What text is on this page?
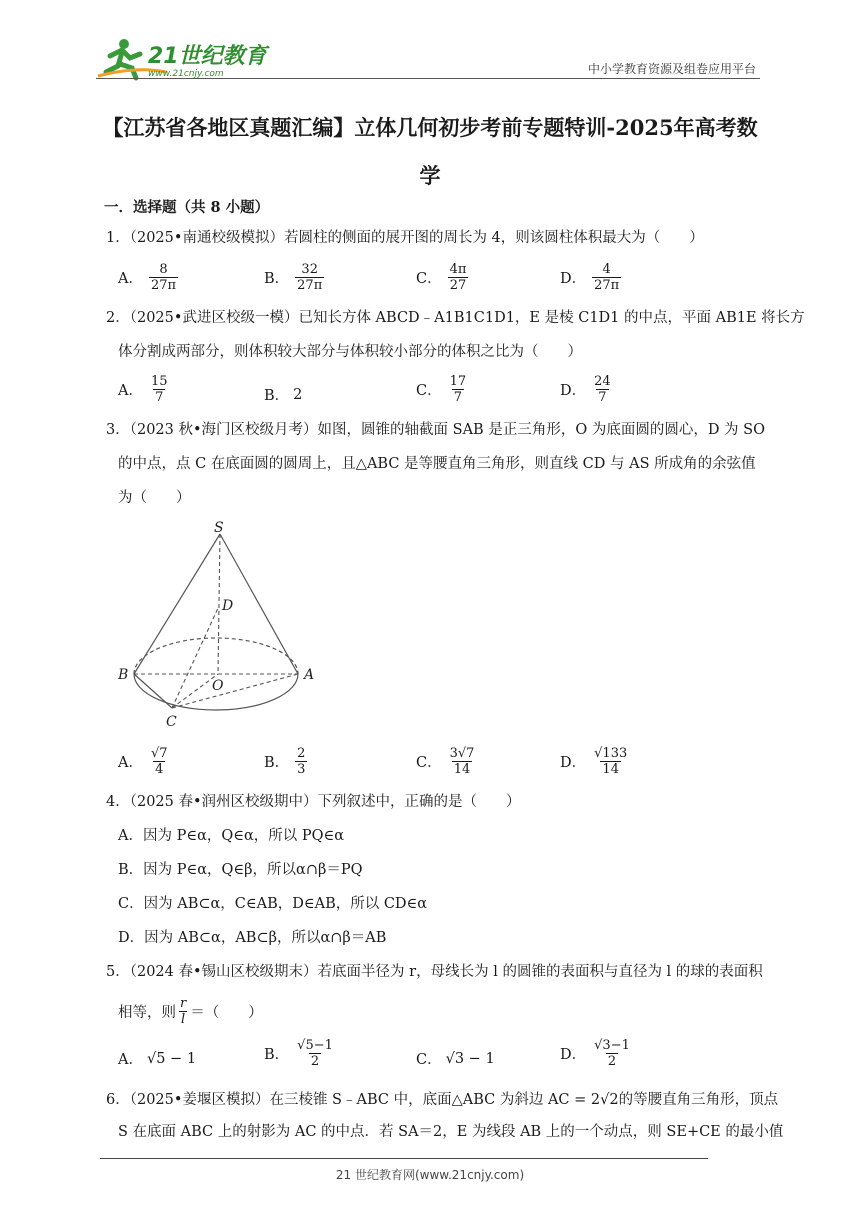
21世纪教育
www.21cnjy.com	中小学教育资源及组卷应用平台
【江苏省各地区真题汇编】立体几何初步考前专题特训-2025年高考数学
一．选择题（共 8 小题）
1．（2025•南通校级模拟）若圆柱的侧面的展开图的周长为 4，则该圆柱体积最大为（　　）
A． $\frac{8}{27\pi}$	B． $\frac{32}{27\pi}$	C． $\frac{4\pi}{27}$	D． $\frac{4}{27\pi}$
2．（2025•武进区校级一模）已知长方体 ABCD﹣A1B1C1D1，E 是棱 C1D1 的中点，平面 AB1E 将长方
体分割成两部分，则体积较大部分与体积较小部分的体积之比为（　　）
A． $\frac{15}{7}$	B． 2	C． $\frac{17}{7}$	D． $\frac{24}{7}$
3．（2023 秋•海门区校级月考）如图，圆锥的轴截面 SAB 是正三角形，O 为底面圆的圆心，D 为 SO
的中点，点 C 在底面圆的圆周上，且△ABC 是等腰直角三角形，则直线 CD 与 AS 所成角的余弦值
为（　　）
S
D
B
O
A
C
A． $\frac{√7}{4}$	B． $\frac{2}{3}$	C． $\frac{3√7}{14}$	D． $\frac{√133}{14}$
4．（2025 春•润州区校级期中）下列叙述中，正确的是（　　）
A．因为 P∈α，Q∈α，所以 PQ∈α
B．因为 P∈α，Q∈β，所以α∩β＝PQ
C．因为 AB⊂α，C∈AB，D∈AB，所以 CD∈α
D．因为 AB⊂α，AB⊂β，所以α∩β＝AB
5．（2024 春•锡山区校级期末）若底面半径为 r，母线长为 l 的圆锥的表面积与直径为 l 的球的表面积
相等，则 $\frac{r}{l}$ ＝（　　）
A． √5 − 1	B． $\frac{√5-1}{2}$	C． √3 − 1	D． $\frac{√3-1}{2}$
6．（2025•姜堰区模拟）在三棱锥 S﹣ABC 中，底面△ABC 为斜边 AC = 2√2的等腰直角三角形，顶点
S 在底面 ABC 上的射影为 AC 的中点．若 SA＝2，E 为线段 AB 上的一个动点，则 SE+CE 的最小值
21 世纪教育网(www.21cnjy.com)
